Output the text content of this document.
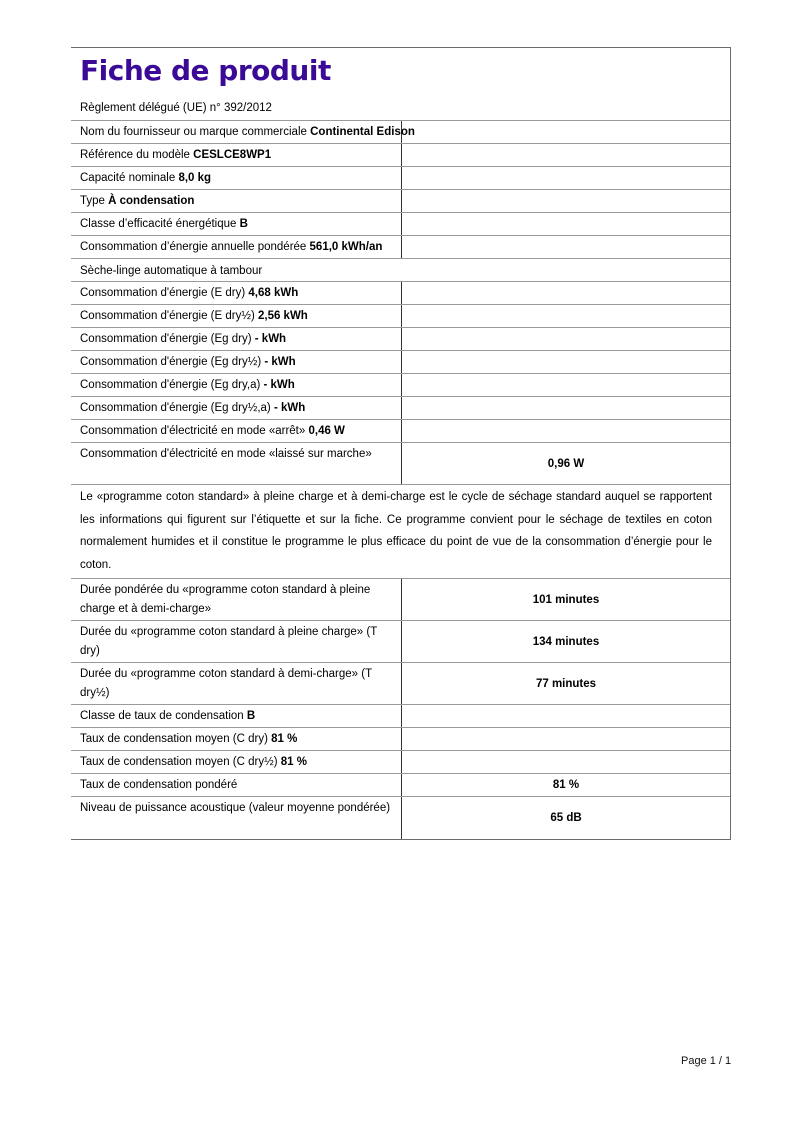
Fiche de produit
Règlement délégué (UE) n° 392/2012
Nom du fournisseur ou marque commerciale Continental Edison
Référence du modèle CESLCE8WP1
Capacité nominale 8,0 kg
Type À condensation
Classe d’efficacité énergétique B
Consommation d’énergie annuelle pondérée 561,0 kWh/an
Sèche-linge automatique à tambour
Consommation d'énergie (E dry) 4,68 kWh
Consommation d'énergie (E dry½) 2,56 kWh
Consommation d'énergie (Eg dry) - kWh
Consommation d'énergie (Eg dry½) - kWh
Consommation d'énergie (Eg dry,a) - kWh
Consommation d'énergie (Eg dry½,a) - kWh
Consommation d'électricité en mode «arrêt» 0,46 W
Consommation d'électricité en mode «laissé sur marche»
0,96 W
Le «programme coton standard» à pleine charge et à demi-charge est le cycle de séchage standard auquel se rapportent les informations qui figurent sur l’étiquette et sur la fiche. Ce programme convient pour le séchage de textiles en coton normalement humides et il constitue le programme le plus efficace du point de vue de la consommation d’énergie pour le coton.
Durée pondérée du «programme coton standard à pleine charge et à demi-charge»
101 minutes
Durée du «programme coton standard à pleine charge» (T dry)
134 minutes
Durée du «programme coton standard à demi-charge» (T dry½)
77 minutes
Classe de taux de condensation B
Taux de condensation moyen (C dry) 81 %
Taux de condensation moyen (C dry½) 81 %
Taux de condensation pondéré	81 %
Niveau de puissance acoustique (valeur moyenne pondérée)
65 dB
Page 1 / 1
